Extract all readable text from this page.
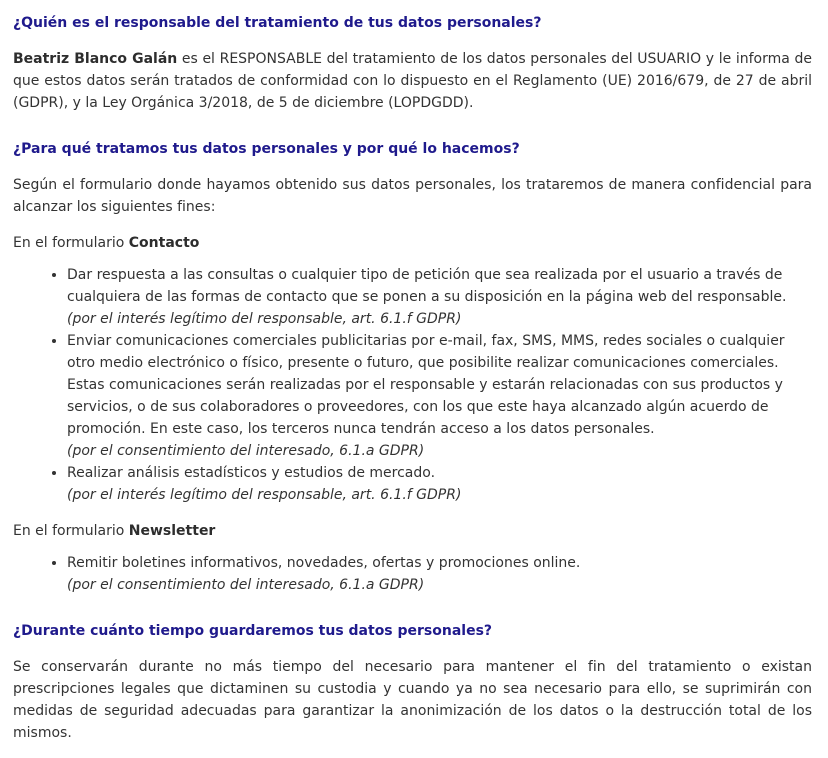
¿Quién es el responsable del tratamiento de tus datos personales?

Beatriz Blanco Galán es el RESPONSABLE del tratamiento de los datos personales del USUARIO y le informa de que estos datos serán tratados de conformidad con lo dispuesto en el Reglamento (UE) 2016/679, de 27 de abril (GDPR), y la Ley Orgánica 3/2018, de 5 de diciembre (LOPDGDD).

¿Para qué tratamos tus datos personales y por qué lo hacemos?

Según el formulario donde hayamos obtenido sus datos personales, los trataremos de manera confidencial para alcanzar los siguientes fines:

En el formulario Contacto

• Dar respuesta a las consultas o cualquier tipo de petición que sea realizada por el usuario a través de cualquiera de las formas de contacto que se ponen a su disposición en la página web del responsable.
(por el interés legítimo del responsable, art. 6.1.f GDPR)
• Enviar comunicaciones comerciales publicitarias por e-mail, fax, SMS, MMS, redes sociales o cualquier otro medio electrónico o físico, presente o futuro, que posibilite realizar comunicaciones comerciales. Estas comunicaciones serán realizadas por el responsable y estarán relacionadas con sus productos y servicios, o de sus colaboradores o proveedores, con los que este haya alcanzado algún acuerdo de promoción. En este caso, los terceros nunca tendrán acceso a los datos personales.
(por el consentimiento del interesado, 6.1.a GDPR)
• Realizar análisis estadísticos y estudios de mercado.
(por el interés legítimo del responsable, art. 6.1.f GDPR)

En el formulario Newsletter

• Remitir boletines informativos, novedades, ofertas y promociones online.
(por el consentimiento del interesado, 6.1.a GDPR)
¿Durante cuánto tiempo guardaremos tus datos personales?

Se conservarán durante no más tiempo del necesario para mantener el fin del tratamiento o existan prescripciones legales que dictaminen su custodia y cuando ya no sea necesario para ello, se suprimirán con medidas de seguridad adecuadas para garantizar la anonimización de los datos o la destrucción total de los mismos.
